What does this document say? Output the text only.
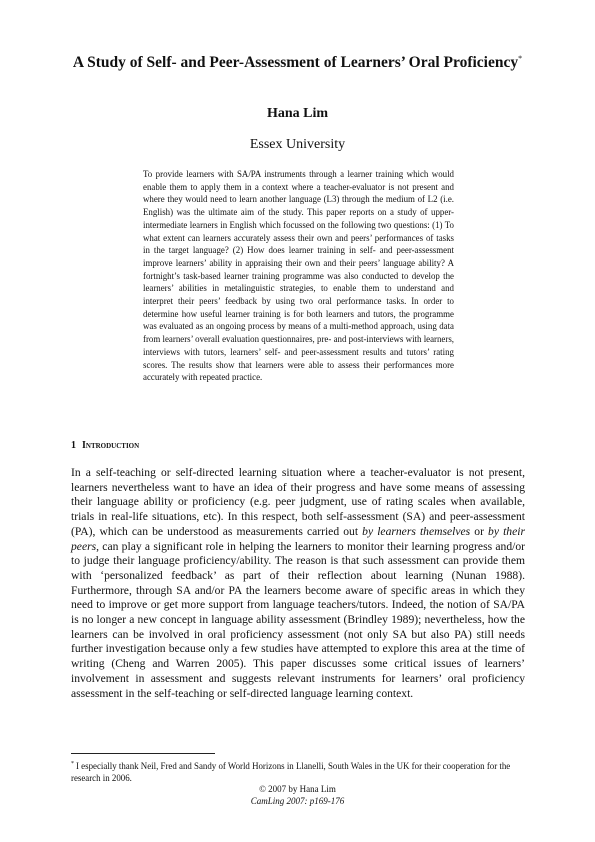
A Study of Self- and Peer-Assessment of Learners’ Oral Proficiency*
Hana Lim
Essex University
To provide learners with SA/PA instruments through a learner training which would enable them to apply them in a context where a teacher-evaluator is not present and where they would need to learn another language (L3) through the medium of L2 (i.e. English) was the ultimate aim of the study. This paper reports on a study of upper-intermediate learners in English which focussed on the following two questions: (1) To what extent can learners accurately assess their own and peers’ performances of tasks in the target language? (2) How does learner training in self- and peer-assessment improve learners’ ability in appraising their own and their peers’ language ability? A fortnight’s task-based learner training programme was also conducted to develop the learners’ abilities in metalinguistic strategies, to enable them to understand and interpret their peers’ feedback by using two oral performance tasks. In order to determine how useful learner training is for both learners and tutors, the programme was evaluated as an ongoing process by means of a multi-method approach, using data from learners’ overall evaluation questionnaires, pre- and post-interviews with learners, interviews with tutors, learners’ self- and peer-assessment results and tutors’ rating scores. The results show that learners were able to assess their performances more accurately with repeated practice.
1 Introduction
In a self-teaching or self-directed learning situation where a teacher-evaluator is not present, learners nevertheless want to have an idea of their progress and have some means of assessing their language ability or proficiency (e.g. peer judgment, use of rating scales when available, trials in real-life situations, etc). In this respect, both self-assessment (SA) and peer-assessment (PA), which can be understood as measurements carried out by learners themselves or by their peers, can play a significant role in helping the learners to monitor their learning progress and/or to judge their language proficiency/ability. The reason is that such assessment can provide them with ‘personalized feedback’ as part of their reflection about learning (Nunan 1988). Furthermore, through SA and/or PA the learners become aware of specific areas in which they need to improve or get more support from language teachers/tutors. Indeed, the notion of SA/PA is no longer a new concept in language ability assessment (Brindley 1989); nevertheless, how the learners can be involved in oral proficiency assessment (not only SA but also PA) still needs further investigation because only a few studies have attempted to explore this area at the time of writing (Cheng and Warren 2005). This paper discusses some critical issues of learners’ involvement in assessment and suggests relevant instruments for learners’ oral proficiency assessment in the self-teaching or self-directed language learning context.
* I especially thank Neil, Fred and Sandy of World Horizons in Llanelli, South Wales in the UK for their cooperation for the research in 2006.
© 2007 by Hana Lim
CamLing 2007: p169-176
